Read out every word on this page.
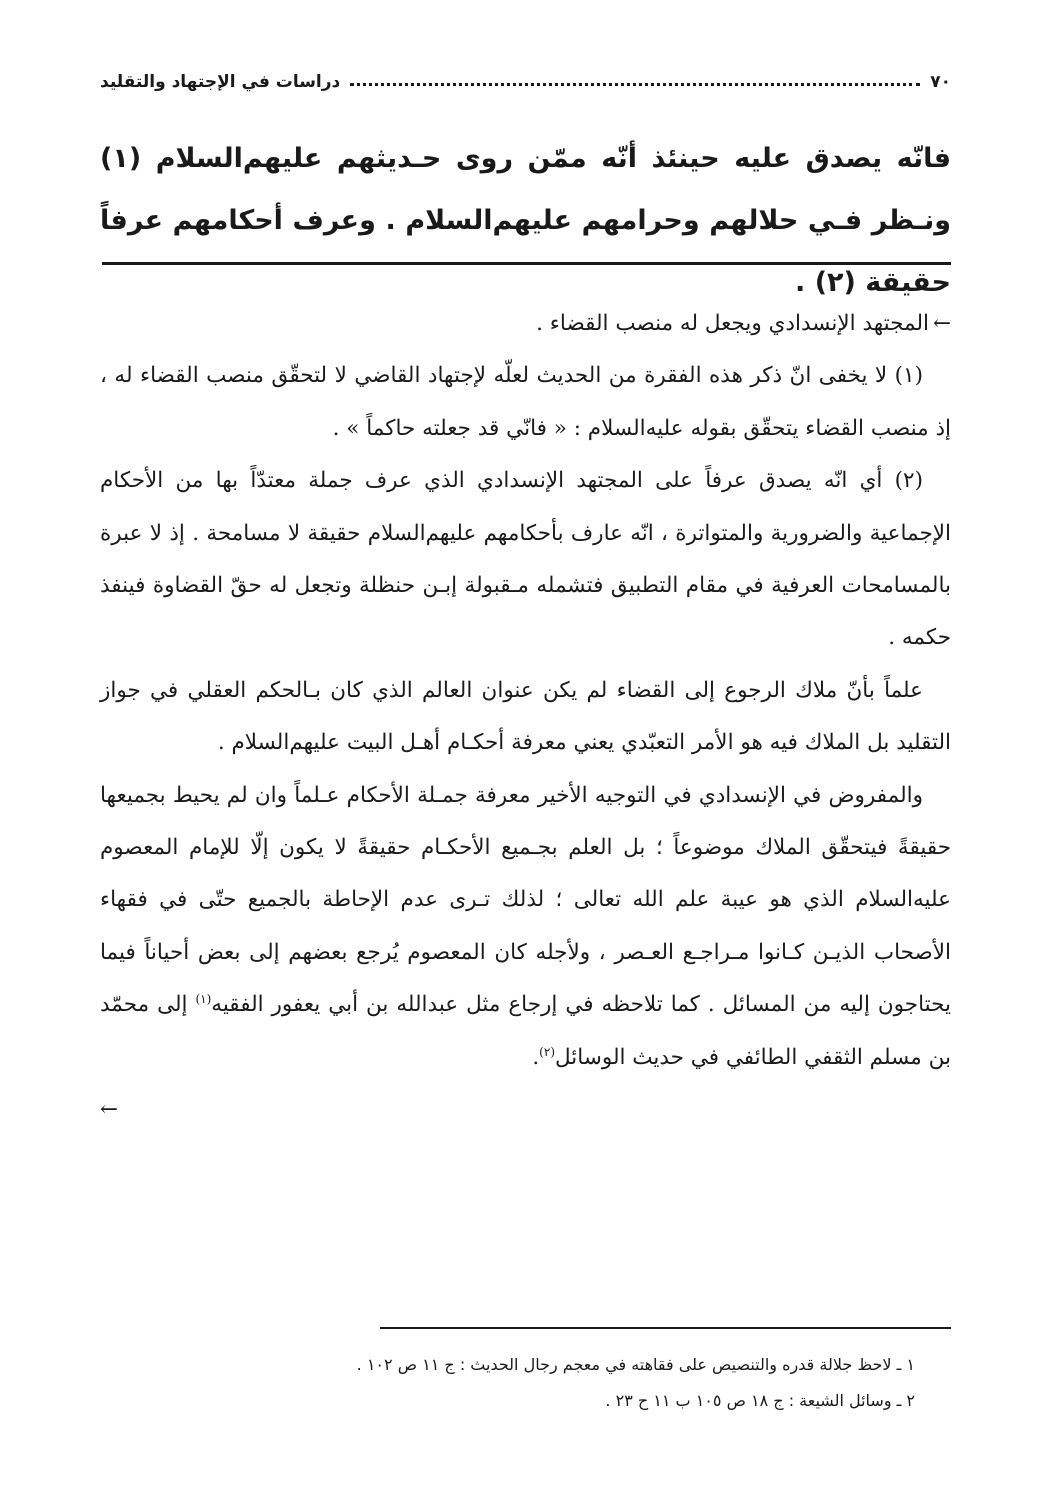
٧٠
دراسات في الإجتهاد والتقليد

فانّه يصدق عليه حينئذ أنّه ممّن روى حـديثهم عليهم‌السلام (١) ونـظر فـي حلالهم وحرامهم عليهم‌السلام . وعرف أحكامهم عرفاً حقيقة (٢) .

←المجتهد الإنسدادي ويجعل له منصب القضاء .

(١) لا يخفى انّ ذكر هذه الفقرة من الحديث لعلّه لإجتهاد القاضي لا لتحقّق منصب القضاء له ، إذ منصب القضاء يتحقّق بقوله عليه‌السلام : « فانّي قد جعلته حاكماً » .

(٢) أي انّه يصدق عرفاً على المجتهد الإنسدادي الذي عرف جملة معتدّاً بها من الأحكام الإجماعية والضرورية والمتواترة ، انّه عارف بأحكامهم عليهم‌السلام حقيقة لا مسامحة . إذ لا عبرة بالمسامحات العرفية في مقام التطبيق فتشمله مـقبولة إبـن حنظلة وتجعل له حقّ القضاوة فينفذ حكمه .

علماً بأنّ ملاك الرجوع إلى القضاء لم يكن عنوان العالم الذي كان بـالحكم العقلي في جواز التقليد بل الملاك فيه هو الأمر التعبّدي يعني معرفة أحكـام أهـل البيت عليهم‌السلام .

والمفروض في الإنسدادي في التوجيه الأخير معرفة جمـلة الأحكام عـلماً وان لم يحيط بجميعها حقيقةً فيتحقّق الملاك موضوعاً ؛ بل العلم بجـميع الأحكـام حقيقةً لا يكون إلّا للإمام المعصوم عليه‌السلام الذي هو عيبة علم الله تعالى ؛ لذلك تـرى عدم الإحاطة بالجميع حتّى في فقهاء الأصحاب الذيـن كـانوا مـراجـع العـصر ، ولأجله كان المعصوم يُرجع بعضهم إلى بعض أحياناً فيما يحتاجون إليه من المسائل . كما تلاحظه في إرجاع مثل عبدالله بن أبي يعفور الفقيه$^{(١)}$ إلى محمّد بن مسلم الثقفي الطائفي في حديث الوسائل$^{(٢)}$.

←

١ ـ لاحظ جلالة قدره والتنصيص على فقاهته في معجم رجال الحديث : ج ١١ ص ١٠٢ .

٢ ـ وسائل الشيعة : ج ١٨ ص ١٠٥ ب ١١ ح ٢٣ .
